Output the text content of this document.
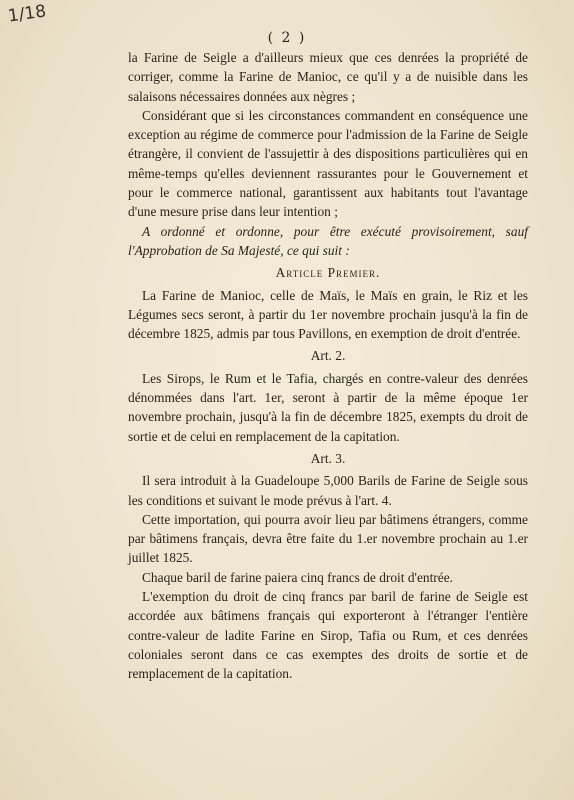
1/18
( 2 )

la Farine de Seigle a d'ailleurs mieux que ces denrées la propriété de corriger, comme la Farine de Manioc, ce qu'il y a de nuisible dans les salaisons nécessaires données aux nègres ;

Considérant que si les circonstances commandent en conséquence une exception au régime de commerce pour l'admission de la Farine de Seigle étrangère, il convient de l'assujettir à des dispositions particulières qui en même-temps qu'elles deviennent rassurantes pour le Gouvernement et pour le commerce national, garantissent aux habitants tout l'avantage d'une mesure prise dans leur intention ;

A ordonné et ordonne, pour être exécuté provisoirement, sauf l'Approbation de Sa Majesté, ce qui suit :

Article Premier.

La Farine de Manioc, celle de Maïs, le Maïs en grain, le Riz et les Légumes secs seront, à partir du 1er novembre prochain jusqu'à la fin de décembre 1825, admis par tous Pavillons, en exemption de droit d'entrée.

Art. 2.

Les Sirops, le Rum et le Tafia, chargés en contre-valeur des denrées dénommées dans l'art. 1er, seront à partir de la même époque 1er novembre prochain, jusqu'à la fin de décembre 1825, exempts du droit de sortie et de celui en remplacement de la capitation.

Art. 3.

Il sera introduit à la Guadeloupe 5,000 Barils de Farine de Seigle sous les conditions et suivant le mode prévus à l'art. 4.

Cette importation, qui pourra avoir lieu par bâtimens étrangers, comme par bâtimens français, devra être faite du 1.er novembre prochain au 1.er juillet 1825.

Chaque baril de farine paiera cinq francs de droit d'entrée.

L'exemption du droit de cinq francs par baril de farine de Seigle est accordée aux bâtimens français qui exporteront à l'étranger l'entière contre-valeur de ladite Farine en Sirop, Tafia ou Rum, et ces denrées coloniales seront dans ce cas exemptes des droits de sortie et de remplacement de la capitation.
